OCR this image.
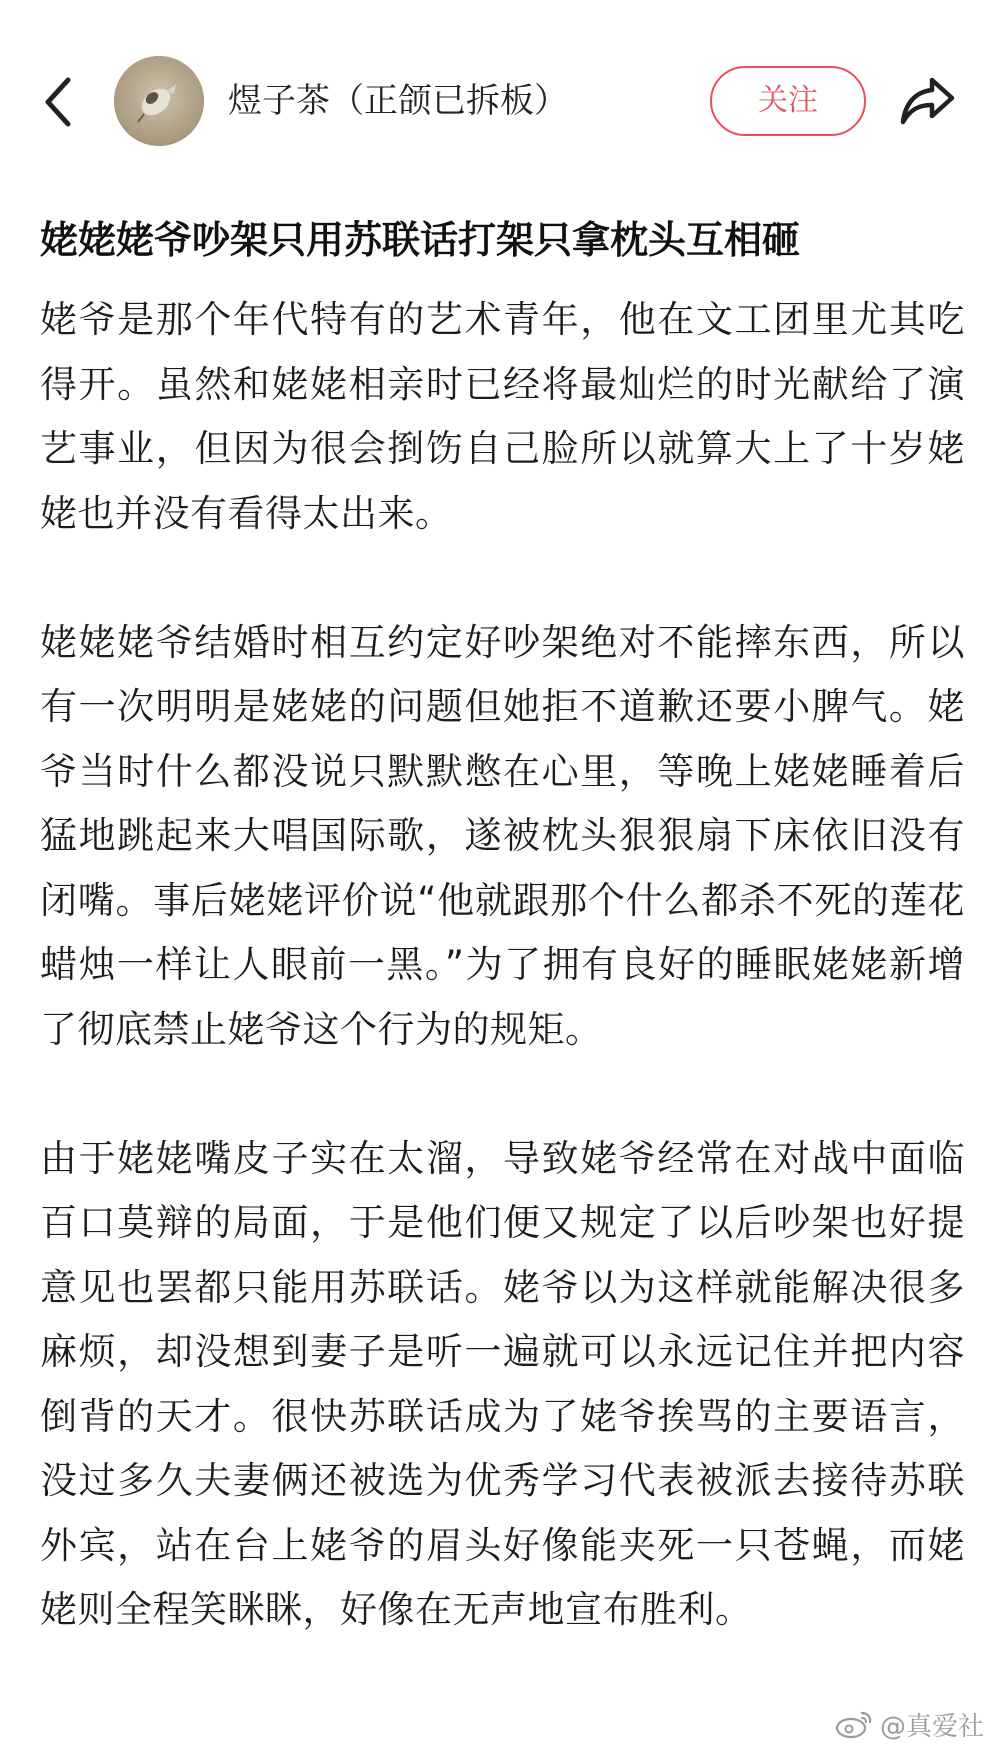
煜子茶（正颌已拆板）	关注
姥姥姥爷吵架只用苏联话打架只拿枕头互相砸

姥爷是那个年代特有的艺术青年，他在文工团里尤其吃得开。虽然和姥姥相亲时已经将最灿烂的时光献给了演艺事业，但因为很会捯饬自己脸所以就算大上了十岁姥姥也并没有看得太出来。

姥姥姥爷结婚时相互约定好吵架绝对不能摔东西，所以有一次明明是姥姥的问题但她拒不道歉还要小脾气。姥爷当时什么都没说只默默憋在心里，等晚上姥姥睡着后猛地跳起来大唱国际歌，遂被枕头狠狠扇下床依旧没有闭嘴。事后姥姥评价说“他就跟那个什么都杀不死的莲花蜡烛一样让人眼前一黑。”为了拥有良好的睡眠姥姥新增了彻底禁止姥爷这个行为的规矩。

由于姥姥嘴皮子实在太溜，导致姥爷经常在对战中面临百口莫辩的局面，于是他们便又规定了以后吵架也好提意见也罢都只能用苏联话。姥爷以为这样就能解决很多麻烦，却没想到妻子是听一遍就可以永远记住并把内容倒背的天才。很快苏联话成为了姥爷挨骂的主要语言，没过多久夫妻俩还被选为优秀学习代表被派去接待苏联外宾，站在台上姥爷的眉头好像能夹死一只苍蝇，而姥姥则全程笑眯眯，好像在无声地宣布胜利。

@真爱社
